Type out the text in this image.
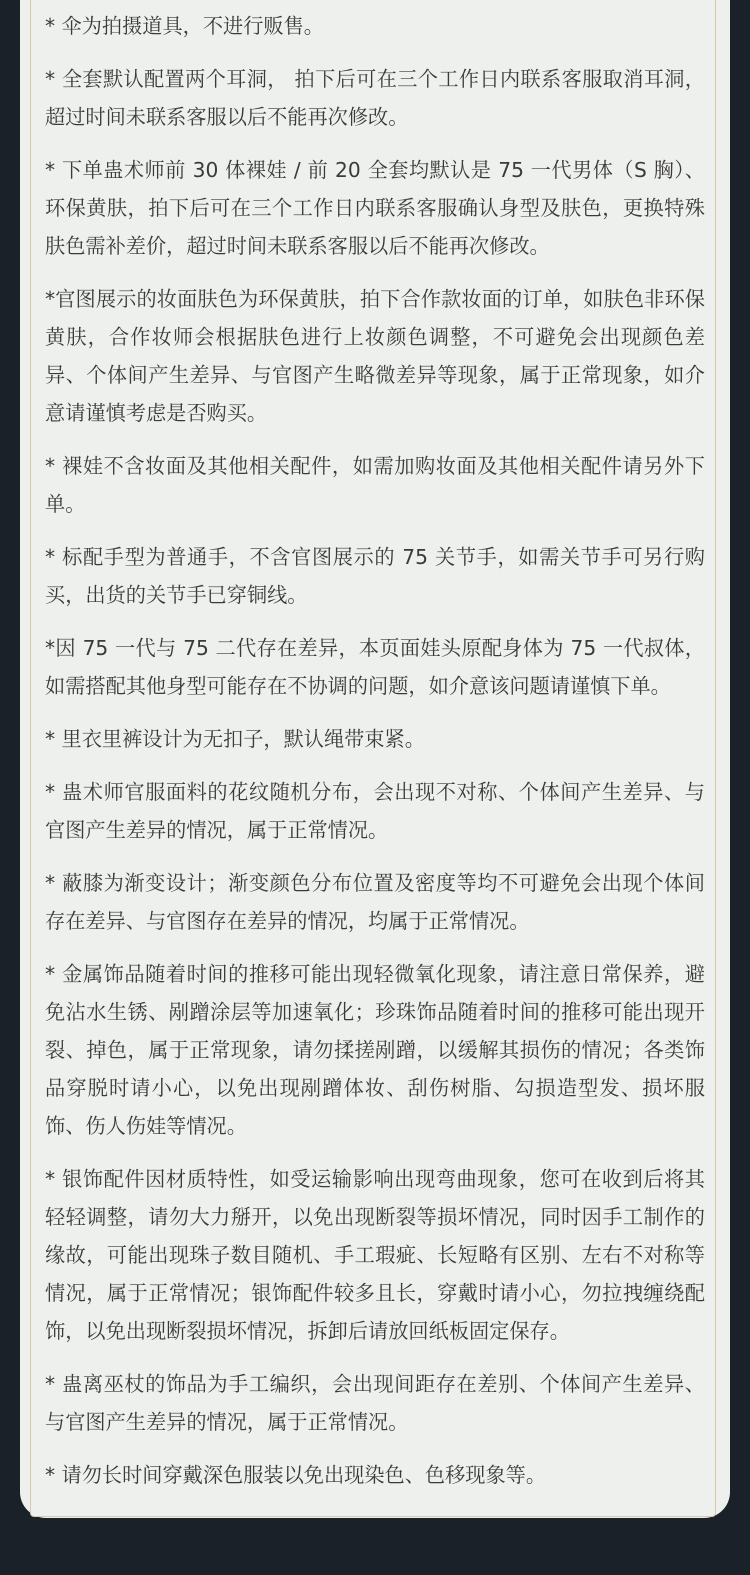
* 伞为拍摄道具，不进行贩售。

* 全套默认配置两个耳洞， 拍下后可在三个工作日内联系客服取消耳洞，超过时间未联系客服以后不能再次修改。

* 下单蛊术师前 30 体裸娃 / 前 20 全套均默认是 75 一代男体（S 胸）、环保黄肤，拍下后可在三个工作日内联系客服确认身型及肤色，更换特殊肤色需补差价，超过时间未联系客服以后不能再次修改。

*官图展示的妆面肤色为环保黄肤，拍下合作款妆面的订单，如肤色非环保黄肤，合作妆师会根据肤色进行上妆颜色调整，不可避免会出现颜色差异、个体间产生差异、与官图产生略微差异等现象，属于正常现象，如介意请谨慎考虑是否购买。

* 裸娃不含妆面及其他相关配件，如需加购妆面及其他相关配件请另外下单。

* 标配手型为普通手，不含官图展示的 75 关节手，如需关节手可另行购买，出货的关节手已穿铜线。

*因 75 一代与 75 二代存在差异，本页面娃头原配身体为 75 一代叔体，如需搭配其他身型可能存在不协调的问题，如介意该问题请谨慎下单。

* 里衣里裤设计为无扣子，默认绳带束紧。

* 蛊术师官服面料的花纹随机分布，会出现不对称、个体间产生差异、与官图产生差异的情况，属于正常情况。

* 蔽膝为渐变设计；渐变颜色分布位置及密度等均不可避免会出现个体间存在差异、与官图存在差异的情况，均属于正常情况。

* 金属饰品随着时间的推移可能出现轻微氧化现象，请注意日常保养，避免沾水生锈、剐蹭涂层等加速氧化；珍珠饰品随着时间的推移可能出现开裂、掉色，属于正常现象，请勿揉搓剐蹭，以缓解其损伤的情况；各类饰品穿脱时请小心，以免出现剐蹭体妆、刮伤树脂、勾损造型发、损坏服饰、伤人伤娃等情况。

* 银饰配件因材质特性，如受运输影响出现弯曲现象，您可在收到后将其轻轻调整，请勿大力掰开，以免出现断裂等损坏情况，同时因手工制作的缘故，可能出现珠子数目随机、手工瑕疵、长短略有区别、左右不对称等情况，属于正常情况；银饰配件较多且长，穿戴时请小心，勿拉拽缠绕配饰，以免出现断裂损坏情况，拆卸后请放回纸板固定保存。

* 蛊离巫杖的饰品为手工编织，会出现间距存在差别、个体间产生差异、与官图产生差异的情况，属于正常情况。

* 请勿长时间穿戴深色服装以免出现染色、色移现象等。
